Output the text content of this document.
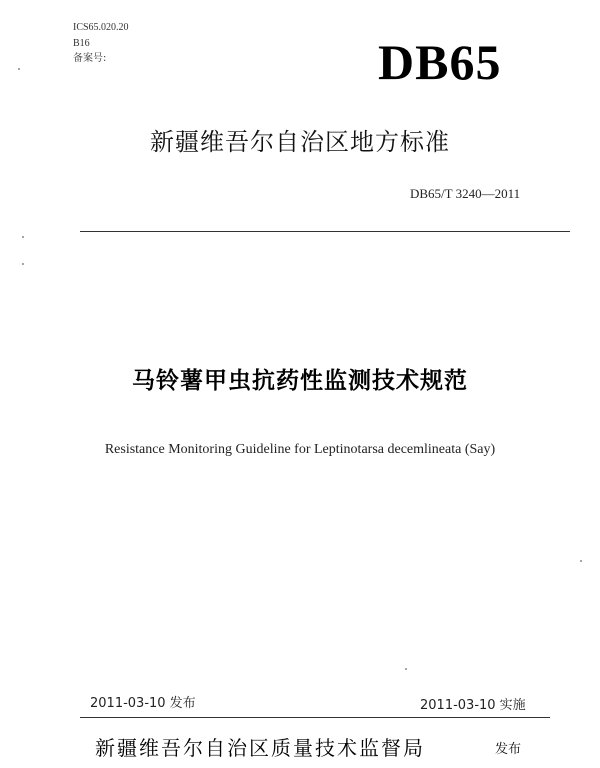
ICS65.020.20
B16
备案号:	DB65
新疆维吾尔自治区地方标准
DB65/T 3240—2011
马铃薯甲虫抗药性监测技术规范
Resistance Monitoring Guideline for Leptinotarsa decemlineata (Say)
2011-03-10 发布	2011-03-10 实施
新疆维吾尔自治区质量技术监督局	发布
